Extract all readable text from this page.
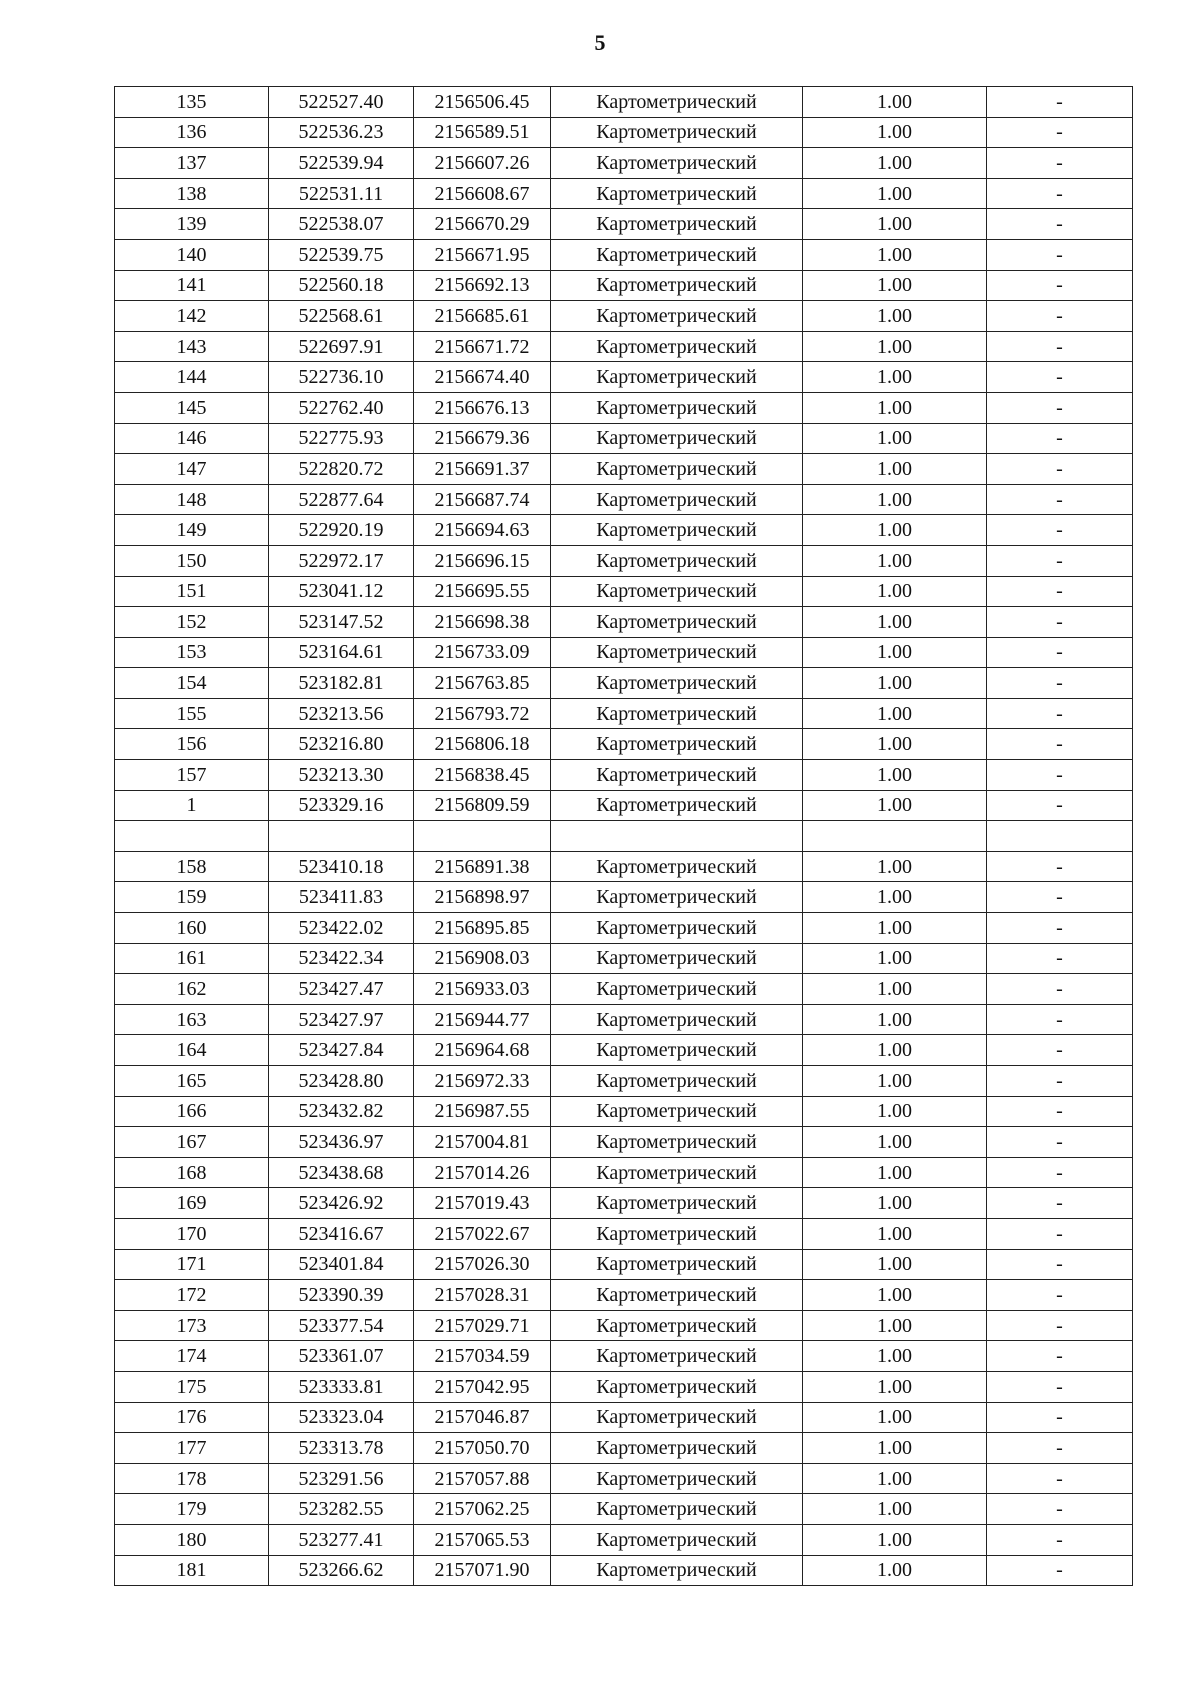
5
135	522527.40	2156506.45	Картометрический	1.00	-
136	522536.23	2156589.51	Картометрический	1.00	-
137	522539.94	2156607.26	Картометрический	1.00	-
138	522531.11	2156608.67	Картометрический	1.00	-
139	522538.07	2156670.29	Картометрический	1.00	-
140	522539.75	2156671.95	Картометрический	1.00	-
141	522560.18	2156692.13	Картометрический	1.00	-
142	522568.61	2156685.61	Картометрический	1.00	-
143	522697.91	2156671.72	Картометрический	1.00	-
144	522736.10	2156674.40	Картометрический	1.00	-
145	522762.40	2156676.13	Картометрический	1.00	-
146	522775.93	2156679.36	Картометрический	1.00	-
147	522820.72	2156691.37	Картометрический	1.00	-
148	522877.64	2156687.74	Картометрический	1.00	-
149	522920.19	2156694.63	Картометрический	1.00	-
150	522972.17	2156696.15	Картометрический	1.00	-
151	523041.12	2156695.55	Картометрический	1.00	-
152	523147.52	2156698.38	Картометрический	1.00	-
153	523164.61	2156733.09	Картометрический	1.00	-
154	523182.81	2156763.85	Картометрический	1.00	-
155	523213.56	2156793.72	Картометрический	1.00	-
156	523216.80	2156806.18	Картометрический	1.00	-
157	523213.30	2156838.45	Картометрический	1.00	-
1	523329.16	2156809.59	Картометрический	1.00	-

158	523410.18	2156891.38	Картометрический	1.00	-
159	523411.83	2156898.97	Картометрический	1.00	-
160	523422.02	2156895.85	Картометрический	1.00	-
161	523422.34	2156908.03	Картометрический	1.00	-
162	523427.47	2156933.03	Картометрический	1.00	-
163	523427.97	2156944.77	Картометрический	1.00	-
164	523427.84	2156964.68	Картометрический	1.00	-
165	523428.80	2156972.33	Картометрический	1.00	-
166	523432.82	2156987.55	Картометрический	1.00	-
167	523436.97	2157004.81	Картометрический	1.00	-
168	523438.68	2157014.26	Картометрический	1.00	-
169	523426.92	2157019.43	Картометрический	1.00	-
170	523416.67	2157022.67	Картометрический	1.00	-
171	523401.84	2157026.30	Картометрический	1.00	-
172	523390.39	2157028.31	Картометрический	1.00	-
173	523377.54	2157029.71	Картометрический	1.00	-
174	523361.07	2157034.59	Картометрический	1.00	-
175	523333.81	2157042.95	Картометрический	1.00	-
176	523323.04	2157046.87	Картометрический	1.00	-
177	523313.78	2157050.70	Картометрический	1.00	-
178	523291.56	2157057.88	Картометрический	1.00	-
179	523282.55	2157062.25	Картометрический	1.00	-
180	523277.41	2157065.53	Картометрический	1.00	-
181	523266.62	2157071.90	Картометрический	1.00	-
